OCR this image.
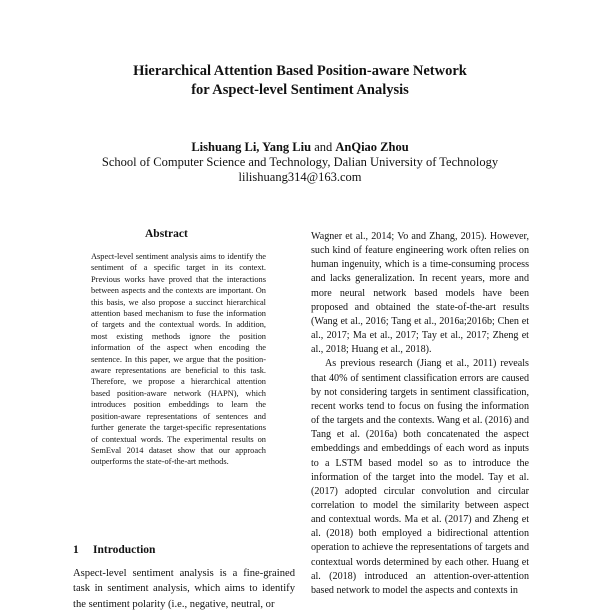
Hierarchical Attention Based Position-aware Network
for Aspect-level Sentiment Analysis
Lishuang Li, Yang Liu and AnQiao Zhou
School of Computer Science and Technology, Dalian University of Technology
lilishuang314@163.com
Abstract
Aspect-level sentiment analysis aims to identify the sentiment of a specific target in its context. Previous works have proved that the interactions between aspects and the contexts are important. On this basis, we also propose a succinct hierarchical attention based mechanism to fuse the information of targets and the contextual words. In addition, most existing methods ignore the position information of the aspect when encoding the sentence. In this paper, we argue that the position-aware representations are beneficial to this task. Therefore, we propose a hierarchical attention based position-aware network (HAPN), which introduces position embeddings to learn the position-aware representations of sentences and further generate the target-specific representations of contextual words. The experimental results on SemEval 2014 dataset show that our approach outperforms the state-of-the-art methods.
1 Introduction
Aspect-level sentiment analysis is a fine-grained task in sentiment analysis, which aims to identify the sentiment polarity (i.e., negative, neutral, or

Wagner et al., 2014; Vo and Zhang, 2015). However, such kind of feature engineering work often relies on human ingenuity, which is a time-consuming process and lacks generalization. In recent years, more and more neural network based models have been proposed and obtained the state-of-the-art results (Wang et al., 2016; Tang et al., 2016a;2016b; Chen et al., 2017; Ma et al., 2017; Tay et al., 2017; Zheng et al., 2018; Huang et al., 2018).

As previous research (Jiang et al., 2011) reveals that 40% of sentiment classification errors are caused by not considering targets in sentiment classification, recent works tend to focus on fusing the information of the targets and the contexts. Wang et al. (2016) and Tang et al. (2016a) both concatenated the aspect embeddings and embeddings of each word as inputs to a LSTM based model so as to introduce the information of the target into the model. Tay et al. (2017) adopted circular convolution and circular correlation to model the similarity between aspect and contextual words. Ma et al. (2017) and Zheng et al. (2018) both employed a bidirectional attention operation to achieve the representations of targets and contextual words determined by each other. Huang et al. (2018) introduced an attention-over-attention based network to model the aspects and contexts in
